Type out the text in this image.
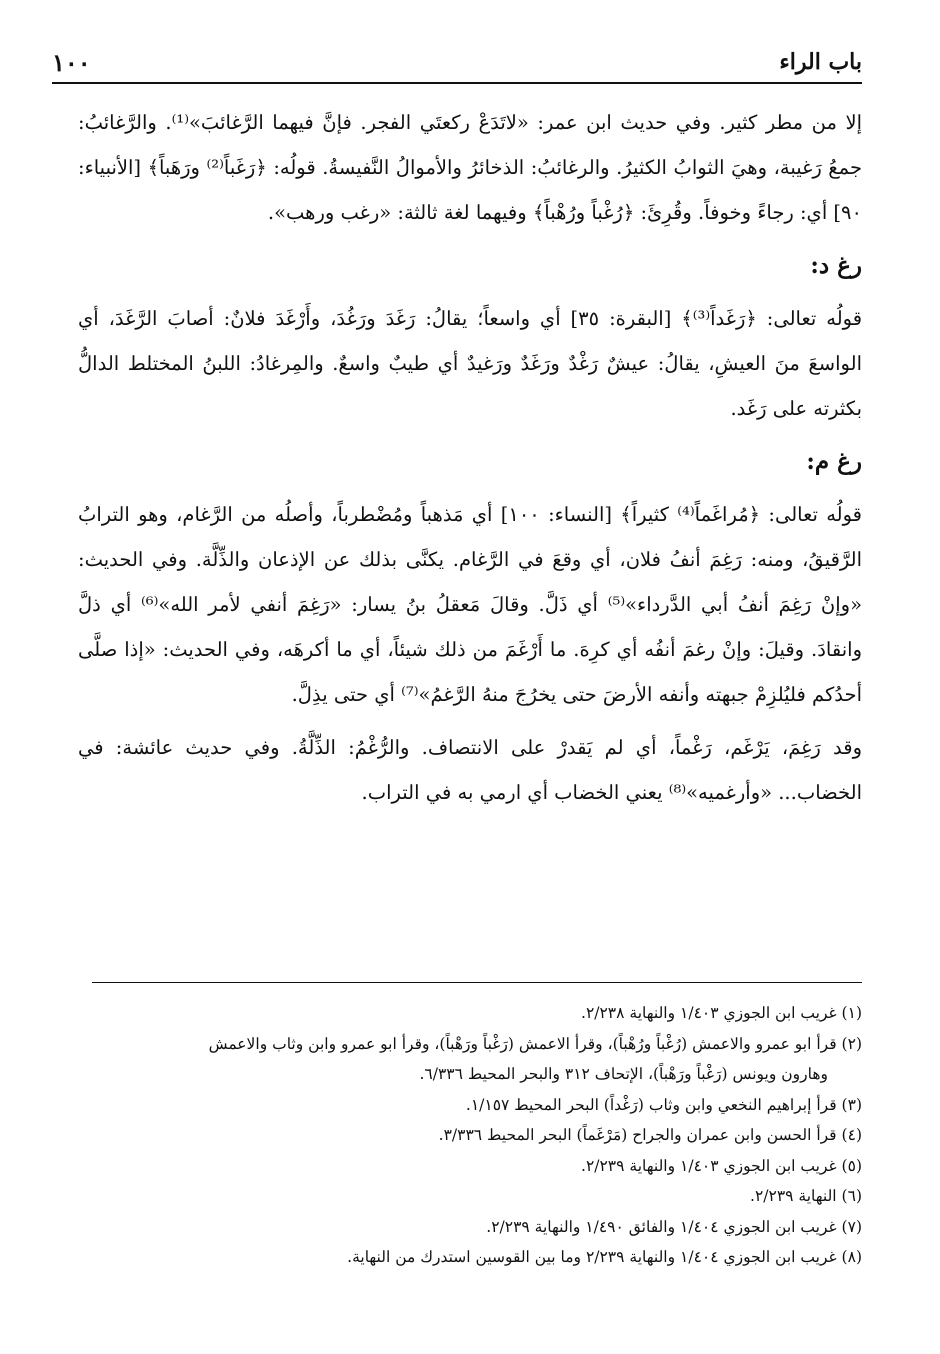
باب الراء
١٠٠

إلا من مطر كثير. وفي حديث ابن عمر: «لاتَدَعْ ركعتَي الفجر. فإنَّ فيهما الرَّغائبَ»⁽¹⁾. والرَّغائبُ: جمعُ رَغيبة، وهيَ الثوابُ الكثيرُ. والرغائبُ: الذخائرُ والأموالُ النَّفيسةُ. قولُه: ﴿رَغَباً⁽²⁾ ورَهَباً﴾ [الأنبياء: ٩٠] أي: رجاءً وخوفاً. وقُرِئَ: ﴿رُغْباً ورُهْباً﴾ وفيهما لغة ثالثة: «رغب ورهب».

رغ د:

قولُه تعالى: ﴿رَغَداً⁽³⁾﴾ [البقرة: ٣٥] أي واسعاً؛ يقالُ: رَغَدَ ورَغُدَ، وأَرْغَدَ فلانٌ: أصابَ الرَّغَدَ، أي الواسعَ منَ العيشِ، يقالُ: عيشٌ رَغْدٌ ورَغَدٌ ورَغيدٌ أي طيبٌ واسعٌ. والمِرغادُ: اللبنُ المختلط الدالُّ بكثرته على رَغَد.

رغ م:

قولُه تعالى: ﴿مُراغَماً⁽⁴⁾ كثيراً﴾ [النساء: ١٠٠] أي مَذهباً ومُضْطرباً، وأصلُه من الرَّغام، وهو الترابُ الرَّقيقُ، ومنه: رَغِمَ أنفُ فلان، أي وقعَ في الرَّغام. يكنَّى بذلك عن الإذعان والذِّلَّة. وفي الحديث: «وإنْ رَغِمَ أنفُ أبي الدَّرداء»⁽⁵⁾ أي ذَلَّ. وقالَ مَعقلُ بنُ يسار: «رَغِمَ أنفي لأمر الله»⁽⁶⁾ أي ذلَّ وانقادَ. وقيلَ: وإنْ رغمَ أنفُه أي كرِهَ. ما أَرْغَمَ من ذلك شيئاً، أي ما أكرهَه، وفي الحديث: «إذا صلَّى أحدُكم فليُلزِمْ جبهته وأنفه الأرضَ حتى يخرُجَ منهُ الرَّغمُ»⁽⁷⁾ أي حتى يذِلَّ.

وقد رَغِمَ، يَرْغَم، رَغْماً، أي لم يَقدرْ على الانتصاف. والرُّغْمُ: الذِّلَّةُ. وفي حديث عائشة: في الخضاب... «وأرغميه»⁽⁸⁾ يعني الخضاب أي ارمي به في التراب.

(١) غريب ابن الجوزي ١/٤٠٣ والنهاية ٢/٢٣٨.

(٢) قرأ ابو عمرو والاعمش (رُغْباً ورُهْباً)، وقرأ الاعمش (رَغْباً ورَهْباً)، وقرأ ابو عمرو وابن وثاب والاعمش

وهارون ويونس (رَغْباً ورَهْباً)، الإتحاف ٣١٢ والبحر المحيط ٦/٣٣٦.

(٣) قرأ إبراهيم النخعي وابن وثاب (رَغْداً) البحر المحيط ١/١٥٧.

(٤) قرأ الحسن وابن عمران والجراح (مَرْغَماً) البحر المحيط ٣/٣٣٦.

(٥) غريب ابن الجوزي ١/٤٠٣ والنهاية ٢/٢٣٩.

(٦) النهاية ٢/٢٣٩.

(٧) غريب ابن الجوزي ١/٤٠٤ والفائق ١/٤٩٠ والنهاية ٢/٢٣٩.

(٨) غريب ابن الجوزي ١/٤٠٤ والنهاية ٢/٢٣٩ وما بين القوسين استدرك من النهاية.
